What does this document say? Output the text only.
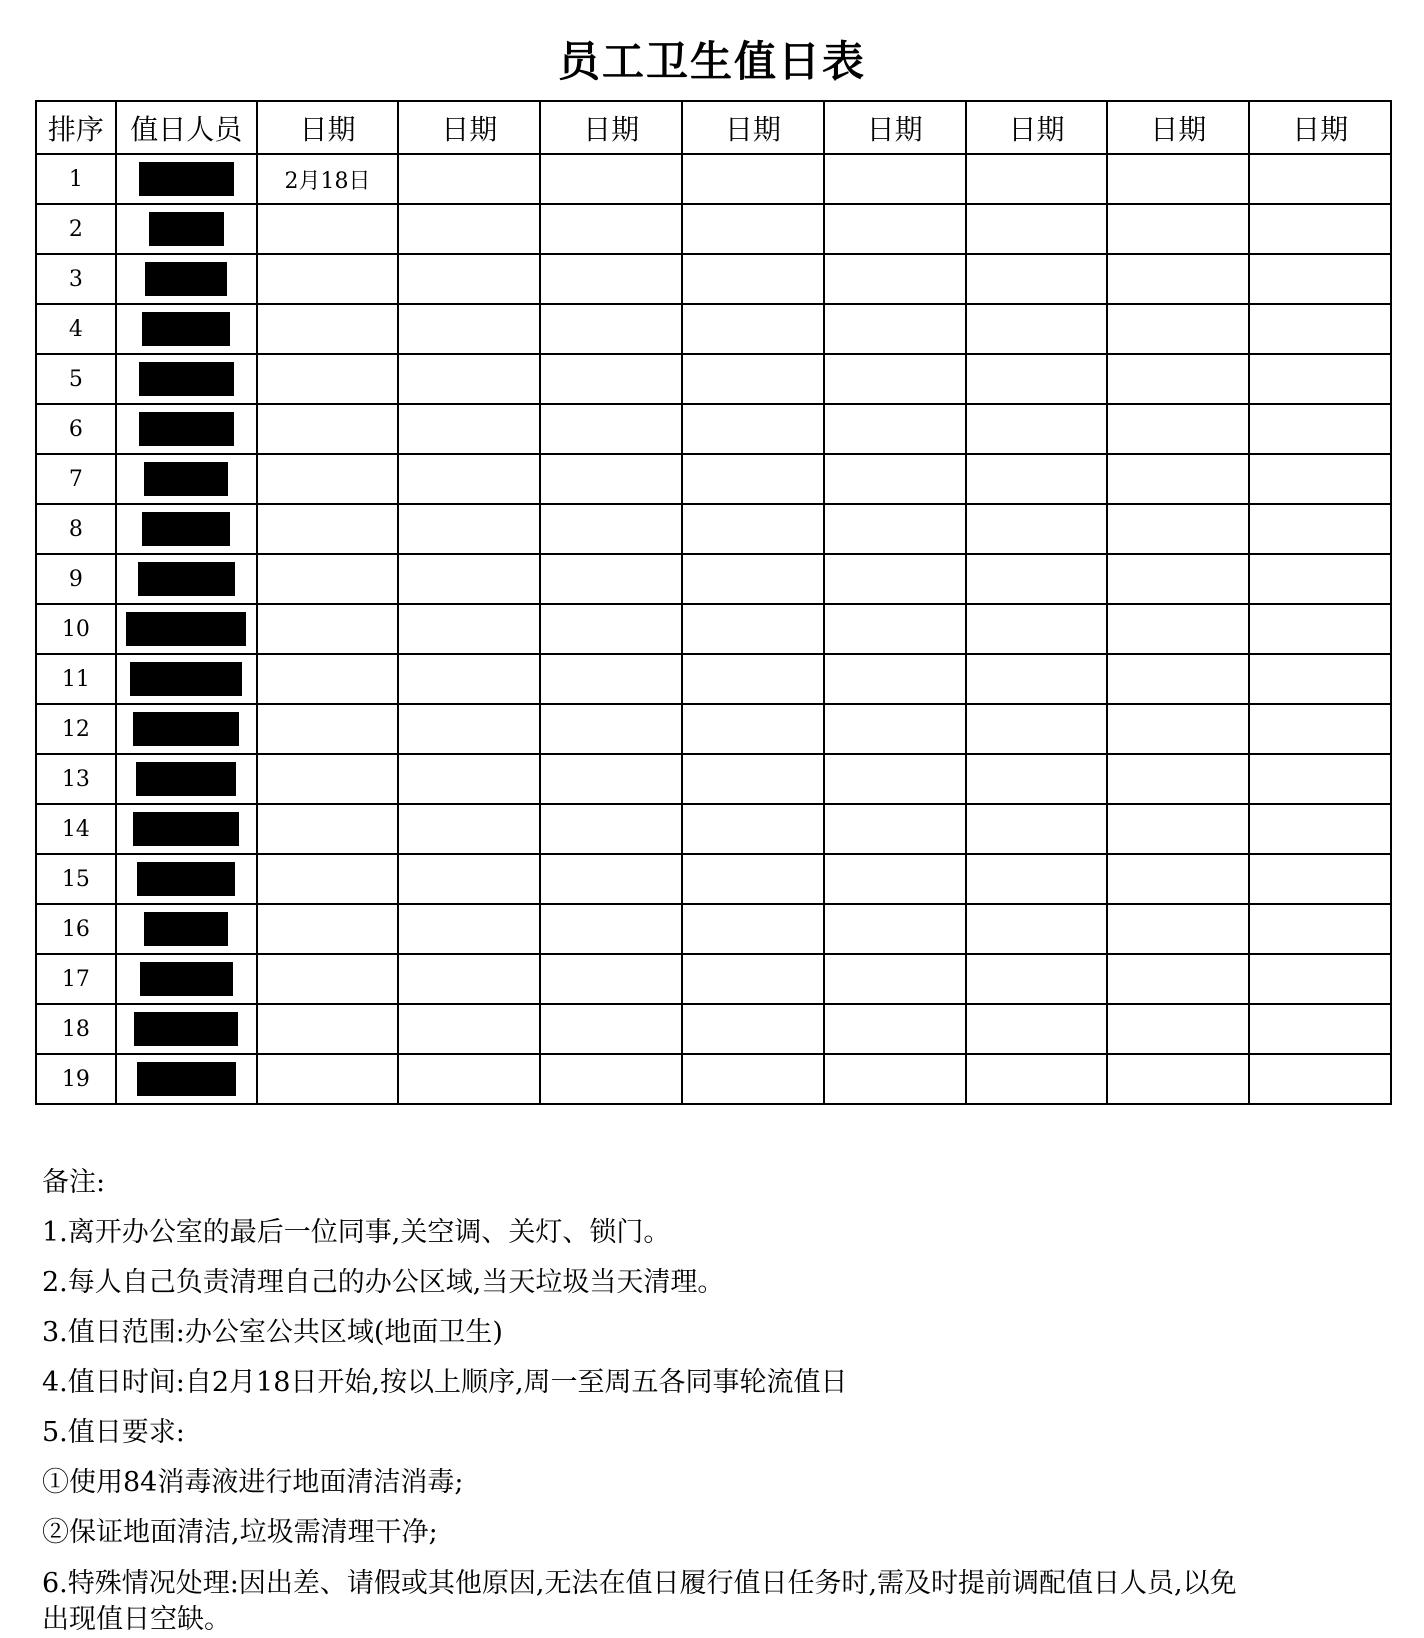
员工卫生值日表
排序	值日人员	日期	日期	日期	日期	日期	日期	日期	日期
1		2月18日							
2									
3									
4									
5									
6									
7									
8									
9									
10									
11									
12									
13									
14									
15									
16									
17									
18									
19									
备注:
1.离开办公室的最后一位同事,关空调、关灯、锁门。
2.每人自己负责清理自己的办公区域,当天垃圾当天清理。
3.值日范围:办公室公共区域(地面卫生)
4.值日时间:自2月18日开始,按以上顺序,周一至周五各同事轮流值日
5.值日要求:
①使用84消毒液进行地面清洁消毒;
②保证地面清洁,垃圾需清理干净;
6.特殊情况处理:因出差、请假或其他原因,无法在值日履行值日任务时,需及时提前调配值日人员,以免出现值日空缺。
